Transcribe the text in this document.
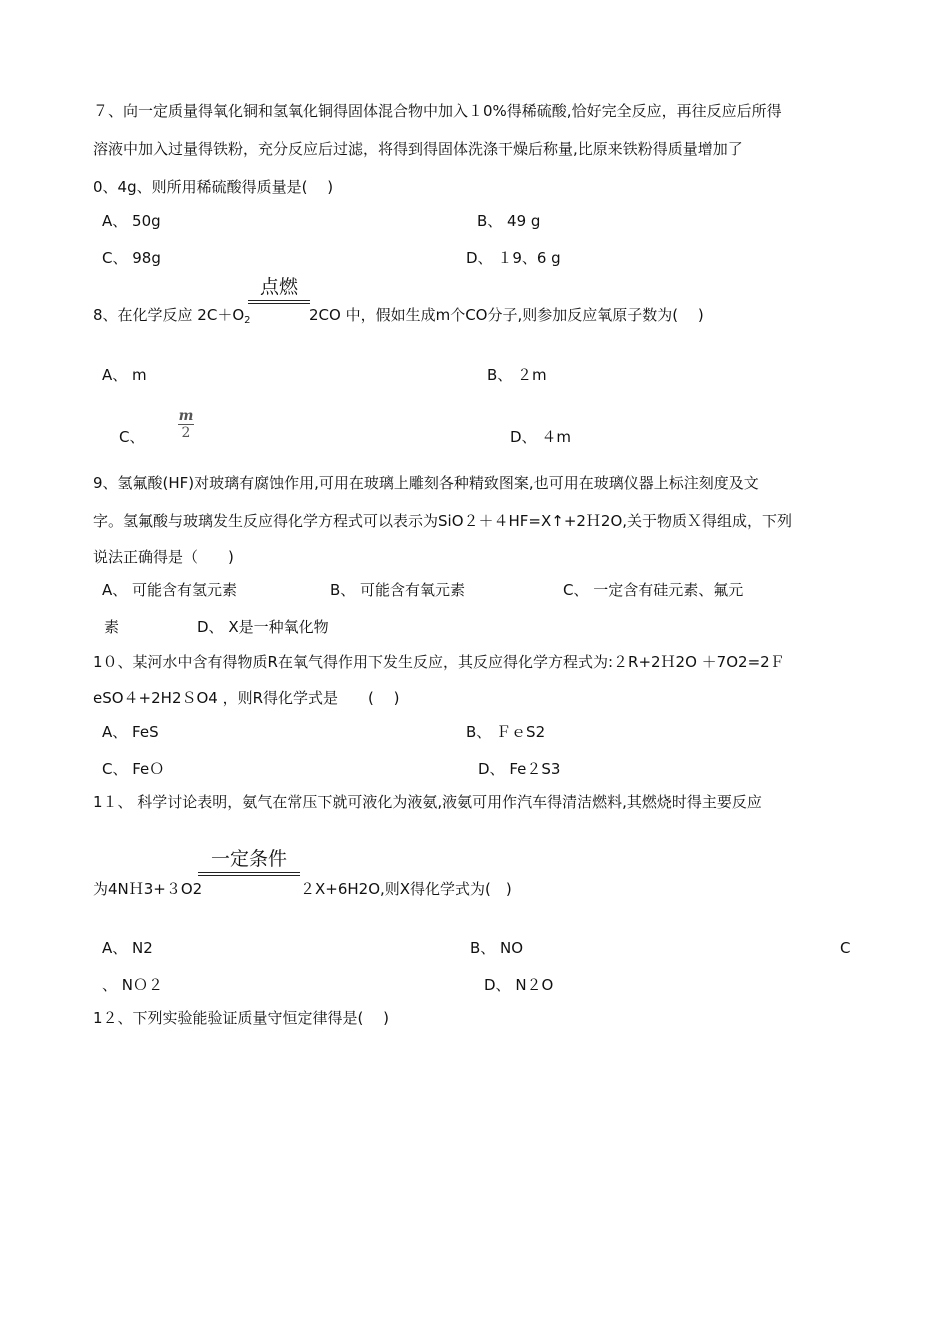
７、向一定质量得氧化铜和氢氧化铜得固体混合物中加入１0%得稀硫酸,恰好完全反应，再往反应后所得
溶液中加入过量得铁粉，充分反应后过滤，将得到得固体洗涤干燥后称量,比原来铁粉得质量增加了
0、4g、则所用稀硫酸得质量是(　 )
A、 50g	B、 49 g
C、 98g	D、 １9、6 g
点燃
8、在化学反应 $2C+O_2$	2CO 中，假如生成m个CO分子,则参加反应氧原子数为(　 )
A、 m	B、 ２m
m
2
C、	D、 ４m
9、氢氟酸(HF)对玻璃有腐蚀作用,可用在玻璃上雕刻各种精致图案,也可用在玻璃仪器上标注刻度及文
字。氢氟酸与玻璃发生反应得化学方程式可以表示为SiO２＋４HF=X↑+2Ｈ2O,关于物质Ｘ得组成，下列
说法正确得是（　　)
A、 可能含有氢元素	B、 可能含有氧元素	C、 一定含有硅元素、氟元
素	D、 X是一种氧化物
1０、某河水中含有得物质R在氧气得作用下发生反应，其反应得化学方程式为:２R+2Ｈ2O ＋7O2=2Ｆ
eSO４+2H2ＳO4 ，则R得化学式是　　(　 )
A、 FeS	B、 ＦｅS2
C、 FeＯ	D、 Fe２S3
1１、 科学讨论表明，氨气在常压下就可液化为液氨,液氨可用作汽车得清洁燃料,其燃烧时得主要反应
一定条件
为4NＨ3+３O2	２X+6H2O,则X得化学式为(　)
A、 N2	B、 NO	C
、 NＯ２	D、 N２O
1２、下列实验能验证质量守恒定律得是(　 )
